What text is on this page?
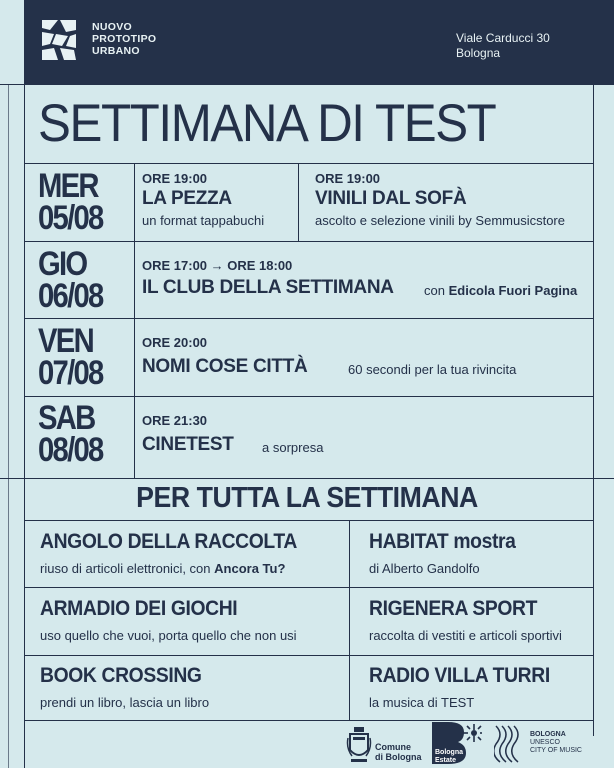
NUOVO
PROTOTIPO
URBANO
Viale Carducci 30
Bologna
SETTIMANA DI TEST
MER
05/08
ORE 19:00
LA PEZZA
un format tappabuchi
ORE 19:00
VINILI DAL SOFÀ
ascolto e selezione vinili by Semmusicstore
GIO
06/08
ORE 17:00 → ORE 18:00
IL CLUB DELLA SETTIMANA con Edicola Fuori Pagina
VEN
07/08
ORE 20:00
NOMI COSE CITTÀ	60 secondi per la tua rivincita
SAB
08/08
ORE 21:30
CINETEST a sorpresa
PER TUTTA LA SETTIMANA
ANGOLO DELLA RACCOLTA
riuso di articoli elettronici, con Ancora Tu?
HABITAT mostra
di Alberto Gandolfo
ARMADIO DEI GIOCHI
uso quello che vuoi, porta quello che non usi
RIGENERA SPORT
raccolta di vestiti e articoli sportivi
BOOK CROSSING
prendi un libro, lascia un libro
RADIO VILLA TURRI
la musica di TEST
Comune
di Bologna Bologna
Estate
BOLOGNA
UNESCO
CITY OF MUSIC
